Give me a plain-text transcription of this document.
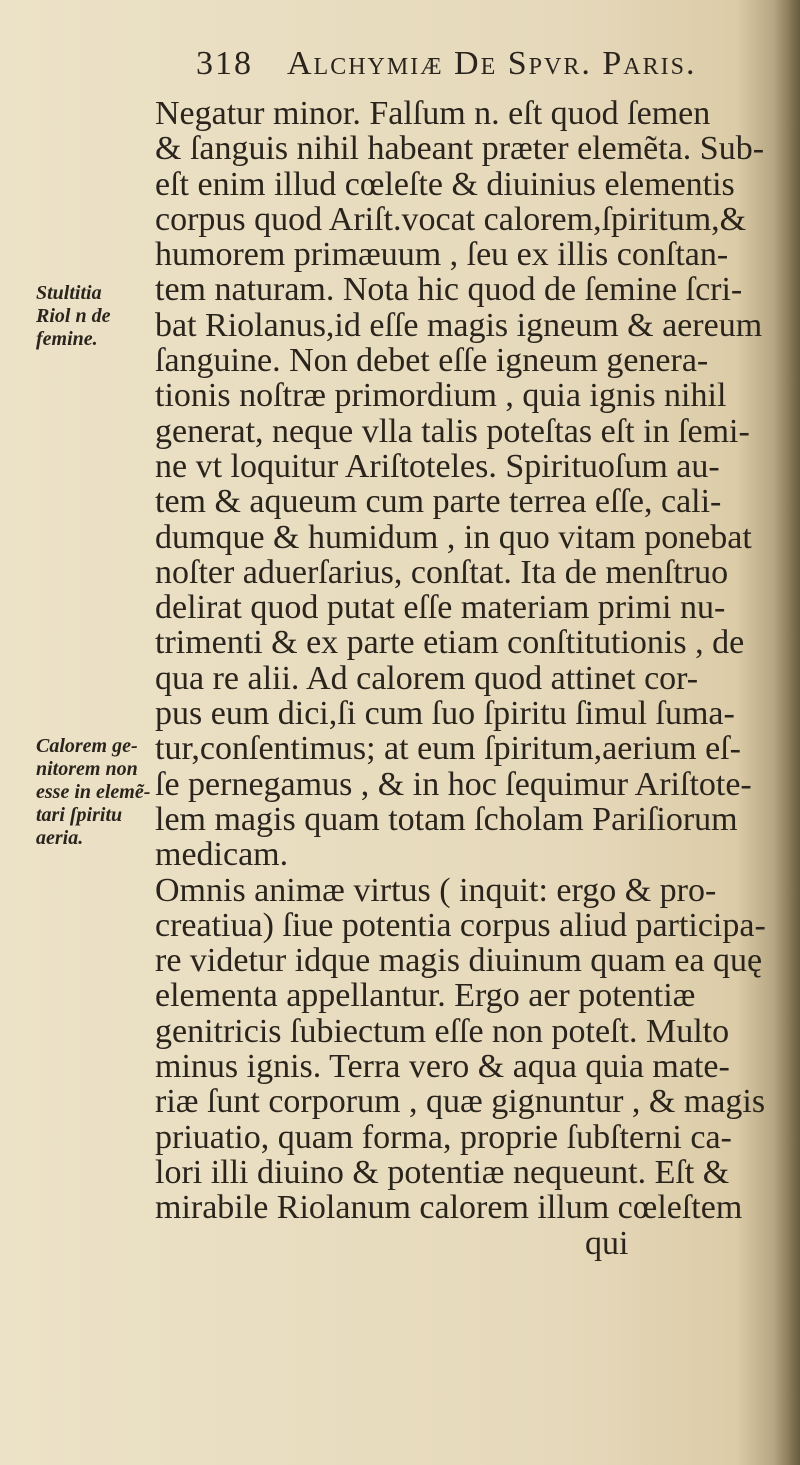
318 Alchymiæ De Spvr. Paris.
Stultitia
Riol n de
femine.
Calorem ge-
nitorem non
esse in elemẽ-
tari ſpiritu
aeria.
Negatur minor. Falſum n. eſt quod ſemen
& ſanguis nihil habeant præter elemẽta. Sub-
eſt enim illud cœleſte & diuinius elementis
corpus quod Ariſt.vocat calorem,ſpiritum,&
humorem primæuum , ſeu ex illis conſtan-
tem naturam. Nota hic quod de ſemine ſcri-
bat Riolanus,id eſſe magis igneum & aereum
ſanguine. Non debet eſſe igneum genera-
tionis noſtræ primordium , quia ignis nihil
generat, neque vlla talis poteſtas eſt in ſemi-
ne vt loquitur Ariſtoteles. Spirituoſum au-
tem & aqueum cum parte terrea eſſe, cali-
dumque & humidum , in quo vitam ponebat
noſter aduerſarius, conſtat. Ita de menſtruo
delirat quod putat eſſe materiam primi nu-
trimenti & ex parte etiam conſtitutionis , de
qua re alii. Ad calorem quod attinet cor-
pus eum dici,ſi cum ſuo ſpiritu ſimul ſuma-
tur,conſentimus; at eum ſpiritum,aerium eſ-
ſe pernegamus , & in hoc ſequimur Ariſtote-
lem magis quam totam ſcholam Pariſiorum
medicam.
Omnis animæ virtus ( inquit: ergo & pro-
creatiua) ſiue potentia corpus aliud participa-
re videtur idque magis diuinum quam ea quę
elementa appellantur. Ergo aer potentiæ
genitricis ſubiectum eſſe non poteſt. Multo
minus ignis. Terra vero & aqua quia mate-
riæ ſunt corporum , quæ gignuntur , & magis
priuatio, quam forma, proprie ſubſterni ca-
lori illi diuino & potentiæ nequeunt. Eſt &
mirabile Riolanum calorem illum cœleſtem
qui
